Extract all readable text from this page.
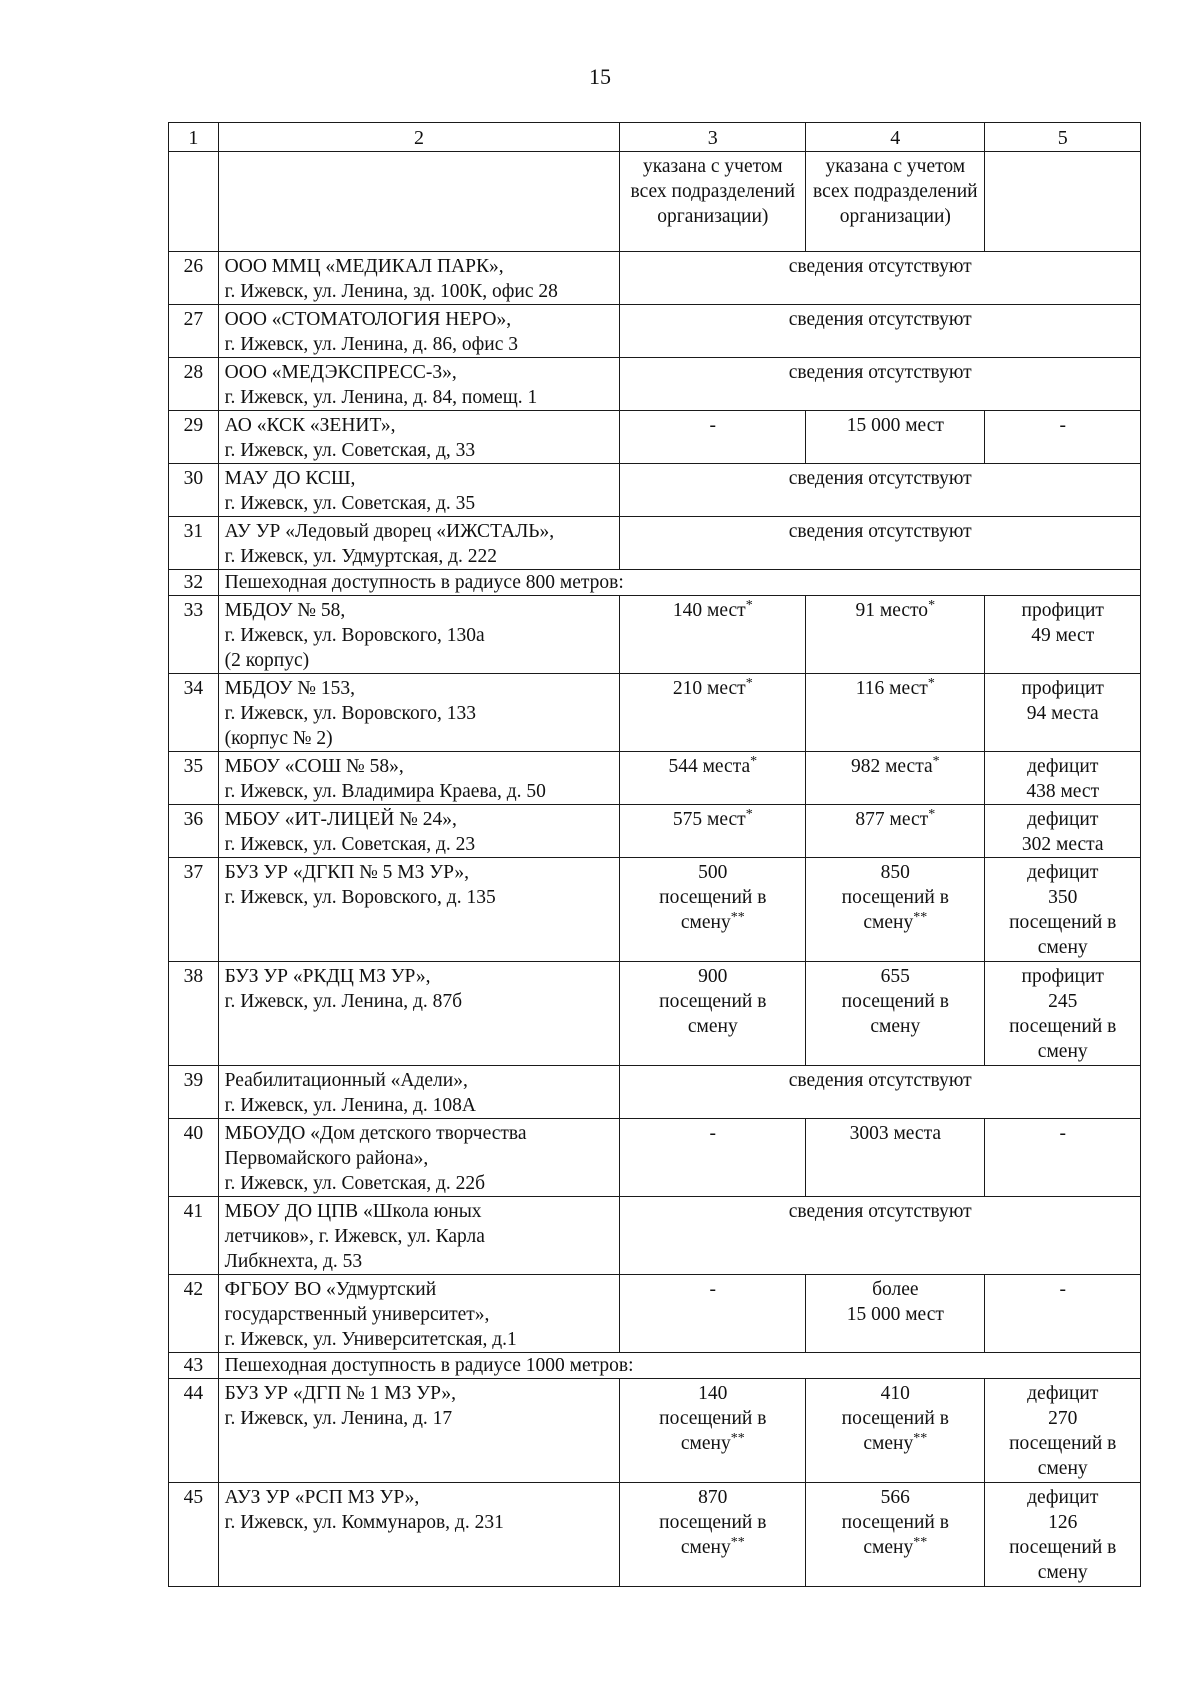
15
1	2	3	4	5
		указана с учетом всех подразделений организации)	указана с учетом всех подразделений организации)	
26	ООО ММЦ «МЕДИКАЛ ПАРК»,
г. Ижевск, ул. Ленина, зд. 100К, офис 28	сведения отсутствуют		
27	ООО «СТОМАТОЛОГИЯ НЕРО»,
г. Ижевск, ул. Ленина, д. 86, офис 3	сведения отсутствуют		
28	ООО «МЕДЭКСПРЕСС-3»,
г. Ижевск, ул. Ленина, д. 84, помещ. 1	сведения отсутствуют		
29	АО «КСК «ЗЕНИТ»,
г. Ижевск, ул. Советская, д, 33	-	15 000 мест	-
30	МАУ ДО КСШ,
г. Ижевск, ул. Советская, д. 35	сведения отсутствуют		
31	АУ УР «Ледовый дворец «ИЖСТАЛЬ»,
г. Ижевск, ул. Удмуртская, д. 222	сведения отсутствуют		
32	Пешеходная доступность в радиусе 800 метров:			
33	МБДОУ № 58,
г. Ижевск, ул. Воровского, 130а
(2 корпус)	140 мест*	91 место*	профицит
49 мест

34	МБДОУ № 153,
г. Ижевск, ул. Воровского, 133
(корпус № 2)	210 мест*	116 мест*	профицит
94 места

35	МБОУ «СОШ № 58»,
г. Ижевск, ул. Владимира Краева, д. 50	544 места*	982 места*	дефицит
438 мест

36	МБОУ «ИТ-ЛИЦЕЙ № 24»,
г. Ижевск, ул. Советская, д. 23	575 мест*	877 мест*	дефицит
302 места

37	БУЗ УР «ДГКП № 5 МЗ УР»,
г. Ижевск, ул. Воровского, д. 135	500
посещений в
смену**	850
посещений в
смену**	дефицит
350
посещений в
смену

38	БУЗ УР «РКДЦ МЗ УР»,
г. Ижевск, ул. Ленина, д. 87б	900
посещений в
смену	655
посещений в
смену	профицит
245
посещений в
смену

39	Реабилитационный «Адели»,
г. Ижевск, ул. Ленина, д. 108А	сведения отсутствуют		
40	МБОУДО «Дом детского творчества
Первомайского района»,
г. Ижевск, ул. Советская, д. 22б	-	3003 места	-
41	МБОУ ДО ЦПВ «Школа юных
летчиков», г. Ижевск, ул. Карла
Либкнехта, д. 53	сведения отсутствуют		
42	ФГБОУ ВО «Удмуртский
государственный университет»,
г. Ижевск, ул. Университетская, д.1	-	более
15 000 мест	-
43	Пешеходная доступность в радиусе 1000 метров:			
44	БУЗ УР «ДГП № 1 МЗ УР»,
г. Ижевск, ул. Ленина, д. 17	140
посещений в
смену**	410
посещений в
смену**	дефицит
270
посещений в
смену

45	АУЗ УР «РСП МЗ УР»,
г. Ижевск, ул. Коммунаров, д. 231	870
посещений в
смену**	566
посещений в
смену**	дефицит
126
посещений в
смену
